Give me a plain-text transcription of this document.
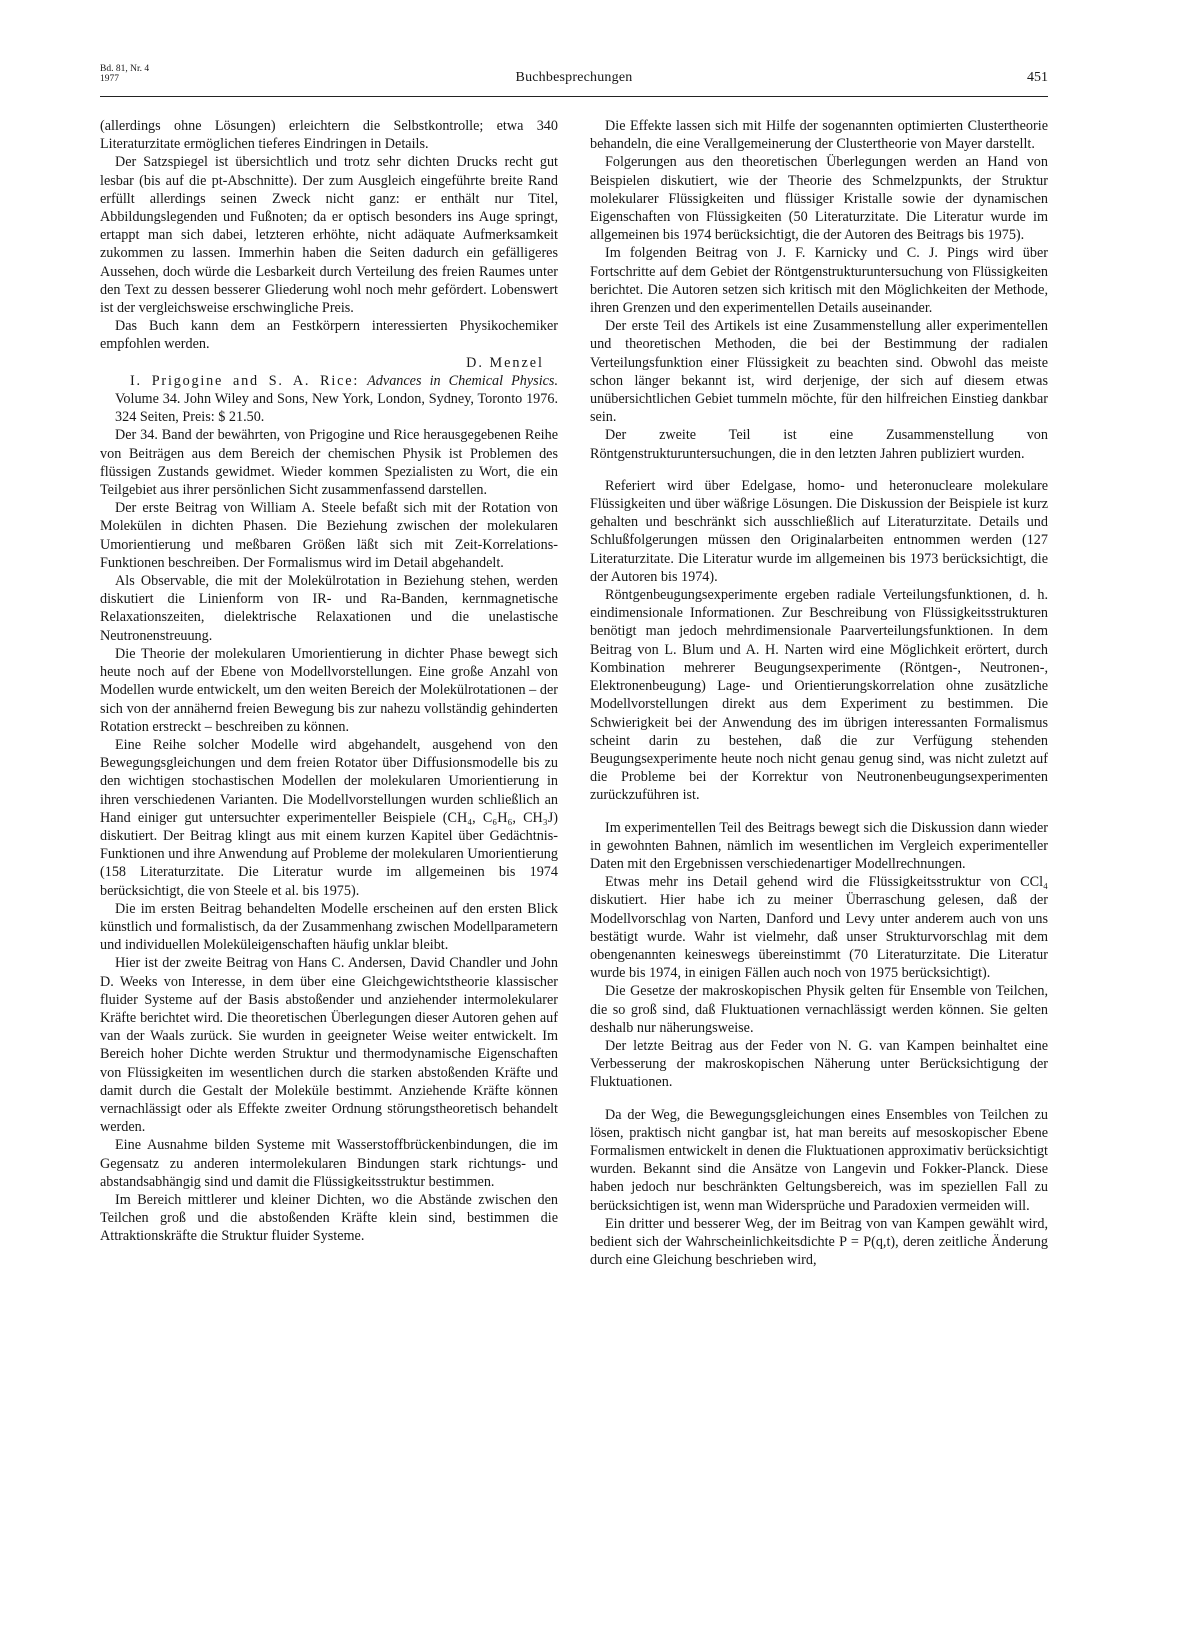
Bd. 81, Nr. 4
1977	Buchbesprechungen	451

(allerdings ohne Lösungen) erleichtern die Selbstkontrolle; etwa 340 Literaturzitate ermöglichen tieferes Eindringen in Details.

Der Satzspiegel ist übersichtlich und trotz sehr dichten Drucks recht gut lesbar (bis auf die pt-Abschnitte). Der zum Ausgleich eingeführte breite Rand erfüllt allerdings seinen Zweck nicht ganz: er enthält nur Titel, Abbildungslegenden und Fußnoten; da er optisch besonders ins Auge springt, ertappt man sich dabei, letzteren erhöhte, nicht adäquate Aufmerksamkeit zukommen zu lassen. Immerhin haben die Seiten dadurch ein gefälligeres Aussehen, doch würde die Lesbarkeit durch Verteilung des freien Raumes unter den Text zu dessen besserer Gliederung wohl noch mehr gefördert. Lobenswert ist der vergleichsweise erschwingliche Preis.

Das Buch kann dem an Festkörpern interessierten Physikochemiker empfohlen werden.

D. Menzel

I. Prigogine and S. A. Rice: Advances in Chemical Physics. Volume 34. John Wiley and Sons, New York, London, Sydney, Toronto 1976. 324 Seiten, Preis: $ 21.50.

Der 34. Band der bewährten, von Prigogine und Rice herausgegebenen Reihe von Beiträgen aus dem Bereich der chemischen Physik ist Problemen des flüssigen Zustands gewidmet. Wieder kommen Spezialisten zu Wort, die ein Teilgebiet aus ihrer persönlichen Sicht zusammenfassend darstellen.

Der erste Beitrag von William A. Steele befaßt sich mit der Rotation von Molekülen in dichten Phasen. Die Beziehung zwischen der molekularen Umorientierung und meßbaren Größen läßt sich mit Zeit-Korrelations-Funktionen beschreiben. Der Formalismus wird im Detail abgehandelt.

Als Observable, die mit der Molekülrotation in Beziehung stehen, werden diskutiert die Linienform von IR- und Ra-Banden, kernmagnetische Relaxationszeiten, dielektrische Relaxationen und die unelastische Neutronenstreuung.

Die Theorie der molekularen Umorientierung in dichter Phase bewegt sich heute noch auf der Ebene von Modellvorstellungen. Eine große Anzahl von Modellen wurde entwickelt, um den weiten Bereich der Molekülrotationen – der sich von der annähernd freien Bewegung bis zur nahezu vollständig gehinderten Rotation erstreckt – beschreiben zu können.

Eine Reihe solcher Modelle wird abgehandelt, ausgehend von den Bewegungsgleichungen und dem freien Rotator über Diffusionsmodelle bis zu den wichtigen stochastischen Modellen der molekularen Umorientierung in ihren verschiedenen Varianten. Die Modellvorstellungen wurden schließlich an Hand einiger gut untersuchter experimenteller Beispiele (CH₄, C₆H₆, CH₃J) diskutiert. Der Beitrag klingt aus mit einem kurzen Kapitel über Gedächtnis-Funktionen und ihre Anwendung auf Probleme der molekularen Umorientierung (158 Literaturzitate. Die Literatur wurde im allgemeinen bis 1974 berücksichtigt, die von Steele et al. bis 1975).

Die im ersten Beitrag behandelten Modelle erscheinen auf den ersten Blick künstlich und formalistisch, da der Zusammenhang zwischen Modellparametern und individuellen Moleküleigenschaften häufig unklar bleibt.

Hier ist der zweite Beitrag von Hans C. Andersen, David Chandler und John D. Weeks von Interesse, in dem über eine Gleichgewichtstheorie klassischer fluider Systeme auf der Basis abstoßender und anziehender intermolekularer Kräfte berichtet wird. Die theoretischen Überlegungen dieser Autoren gehen auf van der Waals zurück. Sie wurden in geeigneter Weise weiter entwickelt. Im Bereich hoher Dichte werden Struktur und thermodynamische Eigenschaften von Flüssigkeiten im wesentlichen durch die starken abstoßenden Kräfte und damit durch die Gestalt der Moleküle bestimmt. Anziehende Kräfte können vernachlässigt oder als Effekte zweiter Ordnung störungstheoretisch behandelt werden.

Eine Ausnahme bilden Systeme mit Wasserstoffbrückenbindungen, die im Gegensatz zu anderen intermolekularen Bindungen stark richtungs- und abstandsabhängig sind und damit die Flüssigkeitsstruktur bestimmen.

Im Bereich mittlerer und kleiner Dichten, wo die Abstände zwischen den Teilchen groß und die abstoßenden Kräfte klein sind, bestimmen die Attraktionskräfte die Struktur fluider Systeme.

Die Effekte lassen sich mit Hilfe der sogenannten optimierten Clustertheorie behandeln, die eine Verallgemeinerung der Clustertheorie von Mayer darstellt.

Folgerungen aus den theoretischen Überlegungen werden an Hand von Beispielen diskutiert, wie der Theorie des Schmelzpunkts, der Struktur molekularer Flüssigkeiten und flüssiger Kristalle sowie der dynamischen Eigenschaften von Flüssigkeiten (50 Literaturzitate. Die Literatur wurde im allgemeinen bis 1974 berücksichtigt, die der Autoren des Beitrags bis 1975).

Im folgenden Beitrag von J. F. Karnicky und C. J. Pings wird über Fortschritte auf dem Gebiet der Röntgenstrukturuntersuchung von Flüssigkeiten berichtet. Die Autoren setzen sich kritisch mit den Möglichkeiten der Methode, ihren Grenzen und den experimentellen Details auseinander.

Der erste Teil des Artikels ist eine Zusammenstellung aller experimentellen und theoretischen Methoden, die bei der Bestimmung der radialen Verteilungsfunktion einer Flüssigkeit zu beachten sind. Obwohl das meiste schon länger bekannt ist, wird derjenige, der sich auf diesem etwas unübersichtlichen Gebiet tummeln möchte, für den hilfreichen Einstieg dankbar sein.

Der zweite Teil ist eine Zusammenstellung von Röntgenstrukturuntersuchungen, die in den letzten Jahren publiziert wurden.

Referiert wird über Edelgase, homo- und heteronucleare molekulare Flüssigkeiten und über wäßrige Lösungen. Die Diskussion der Beispiele ist kurz gehalten und beschränkt sich ausschließlich auf Literaturzitate. Details und Schlußfolgerungen müssen den Originalarbeiten entnommen werden (127 Literaturzitate. Die Literatur wurde im allgemeinen bis 1973 berücksichtigt, die der Autoren bis 1974).

Röntgenbeugungsexperimente ergeben radiale Verteilungsfunktionen, d. h. eindimensionale Informationen. Zur Beschreibung von Flüssigkeitsstrukturen benötigt man jedoch mehrdimensionale Paarverteilungsfunktionen. In dem Beitrag von L. Blum und A. H. Narten wird eine Möglichkeit erörtert, durch Kombination mehrerer Beugungsexperimente (Röntgen-, Neutronen-, Elektronenbeugung) Lage- und Orientierungskorrelation ohne zusätzliche Modellvorstellungen direkt aus dem Experiment zu bestimmen. Die Schwierigkeit bei der Anwendung des im übrigen interessanten Formalismus scheint darin zu bestehen, daß die zur Verfügung stehenden Beugungsexperimente heute noch nicht genau genug sind, was nicht zuletzt auf die Probleme bei der Korrektur von Neutronenbeugungsexperimenten zurückzuführen ist.

Im experimentellen Teil des Beitrags bewegt sich die Diskussion dann wieder in gewohnten Bahnen, nämlich im wesentlichen im Vergleich experimenteller Daten mit den Ergebnissen verschiedenartiger Modellrechnungen.

Etwas mehr ins Detail gehend wird die Flüssigkeitsstruktur von CCl₄ diskutiert. Hier habe ich zu meiner Überraschung gelesen, daß der Modellvorschlag von Narten, Danford und Levy unter anderem auch von uns bestätigt wurde. Wahr ist vielmehr, daß unser Strukturvorschlag mit dem obengenannten keineswegs übereinstimmt (70 Literaturzitate. Die Literatur wurde bis 1974, in einigen Fällen auch noch von 1975 berücksichtigt).

Die Gesetze der makroskopischen Physik gelten für Ensemble von Teilchen, die so groß sind, daß Fluktuationen vernachlässigt werden können. Sie gelten deshalb nur näherungsweise.

Der letzte Beitrag aus der Feder von N. G. van Kampen beinhaltet eine Verbesserung der makroskopischen Näherung unter Berücksichtigung der Fluktuationen.

Da der Weg, die Bewegungsgleichungen eines Ensembles von Teilchen zu lösen, praktisch nicht gangbar ist, hat man bereits auf mesoskopischer Ebene Formalismen entwickelt in denen die Fluktuationen approximativ berücksichtigt wurden. Bekannt sind die Ansätze von Langevin und Fokker-Planck. Diese haben jedoch nur beschränkten Geltungsbereich, was im speziellen Fall zu berücksichtigen ist, wenn man Widersprüche und Paradoxien vermeiden will.

Ein dritter und besserer Weg, der im Beitrag von van Kampen gewählt wird, bedient sich der Wahrscheinlichkeitsdichte P = P(q,t), deren zeitliche Änderung durch eine Gleichung beschrieben wird,
